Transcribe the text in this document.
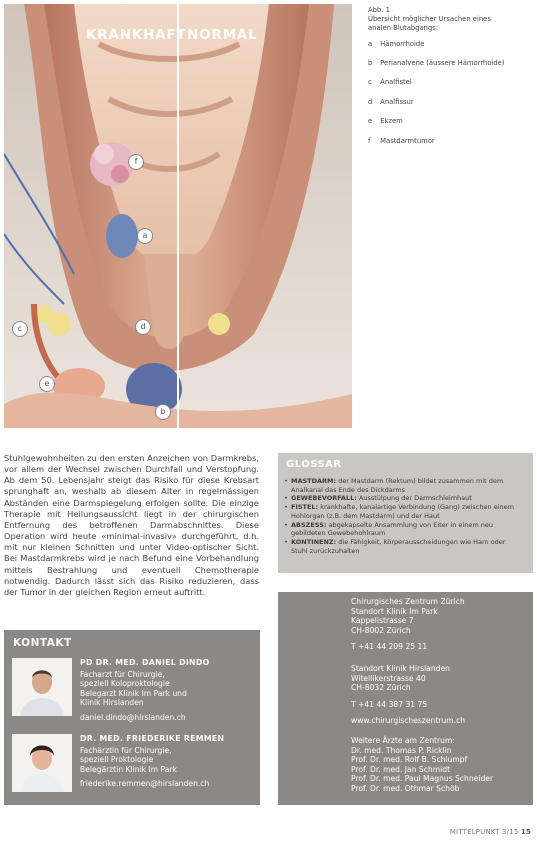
KRANKHAFT NORMAL
f
a
d
c
e
b

Abb. 1
Übersicht möglicher Ursachen eines
analen Blutabgangs:

a Hämorrhoide
b Perianalvene (äussere Hämorrhoide)
c Analfistel
d Analfissur
e Ekzem
f Mastdarmtumor

Stuhlgewohnheiten zu den ersten Anzeichen von Darmkrebs, vor allem der Wechsel zwischen Durchfall und Verstopfung. Ab dem 50. Lebensjahr steigt das Risiko für diese Krebsart sprunghaft an, weshalb ab diesem Alter in regelmässigen Abständen eine Darmspiegelung erfolgen sollte. Die einzige Therapie mit Heilungsaussicht liegt in der chirurgischen Entfernung des betroffenen Darmabschnittes. Diese Operation wird heute «minimal-invasiv» durchgeführt, d.h. mit nur kleinen Schnitten und unter Video-optischer Sicht. Bei Mastdarmkrebs wird je nach Befund eine Vorbehandlung mittels Bestrahlung und eventuell Chemotherapie notwendig. Dadurch lässt sich das Risiko reduzieren, dass der Tumor in der gleichen Region erneut auftritt.

GLOSSAR
• MASTDARM: der Mastdarm (Rektum) bildet zusammen mit dem Analkanal das Ende des Dickdarms
• GEWEBEVORFALL: Ausstülpung der Darmschleimhaut
• FISTEL: krankhafte, kanalartige Verbindung (Gang) zwischen einem Hohlorgan (z.B. dem Mastdarm) und der Haut
• ABSZESS: abgekapselte Ansammlung von Eiter in einem neu gebildeten Gewebehohlraum
• KONTINENZ: die Fähigkeit, Körperausscheidungen wie Harn oder Stuhl zurückzuhalten
KONTAKT
PD DR. MED. DANIEL DINDO
Facharzt für Chirurgie,
speziell Koloproktologie
Belegarzt Klinik Im Park und
Klinik Hirslanden
daniel.dindo@hirslanden.ch
DR. MED. FRIEDERIKE REMMEN
Fachärztin für Chirurgie,
speziell Proktologie
Belegärztin Klinik Im Park
friederike.remmen@hirslanden.ch
Chirurgisches Zentrum Zürich
Standort Klinik Im Park
Kappelistrasse 7
CH-8002 Zürich
T +41 44 209 25 11
Standort Klinik Hirslanden
Witellikerstrasse 40
CH-8032 Zürich
T +41 44 387 31 75
www.chirurgischeszentrum.ch
Weitere Ärzte am Zentrum:
Dr. med. Thomas P. Ricklin
Prof. Dr. med. Rolf B. Schlumpf
Prof. Dr. med. Jan Schmidt
Prof. Dr. med. Paul Magnus Schneider
Prof. Dr. med. Othmar Schöb
MITTELPUNKT 3/15 15
